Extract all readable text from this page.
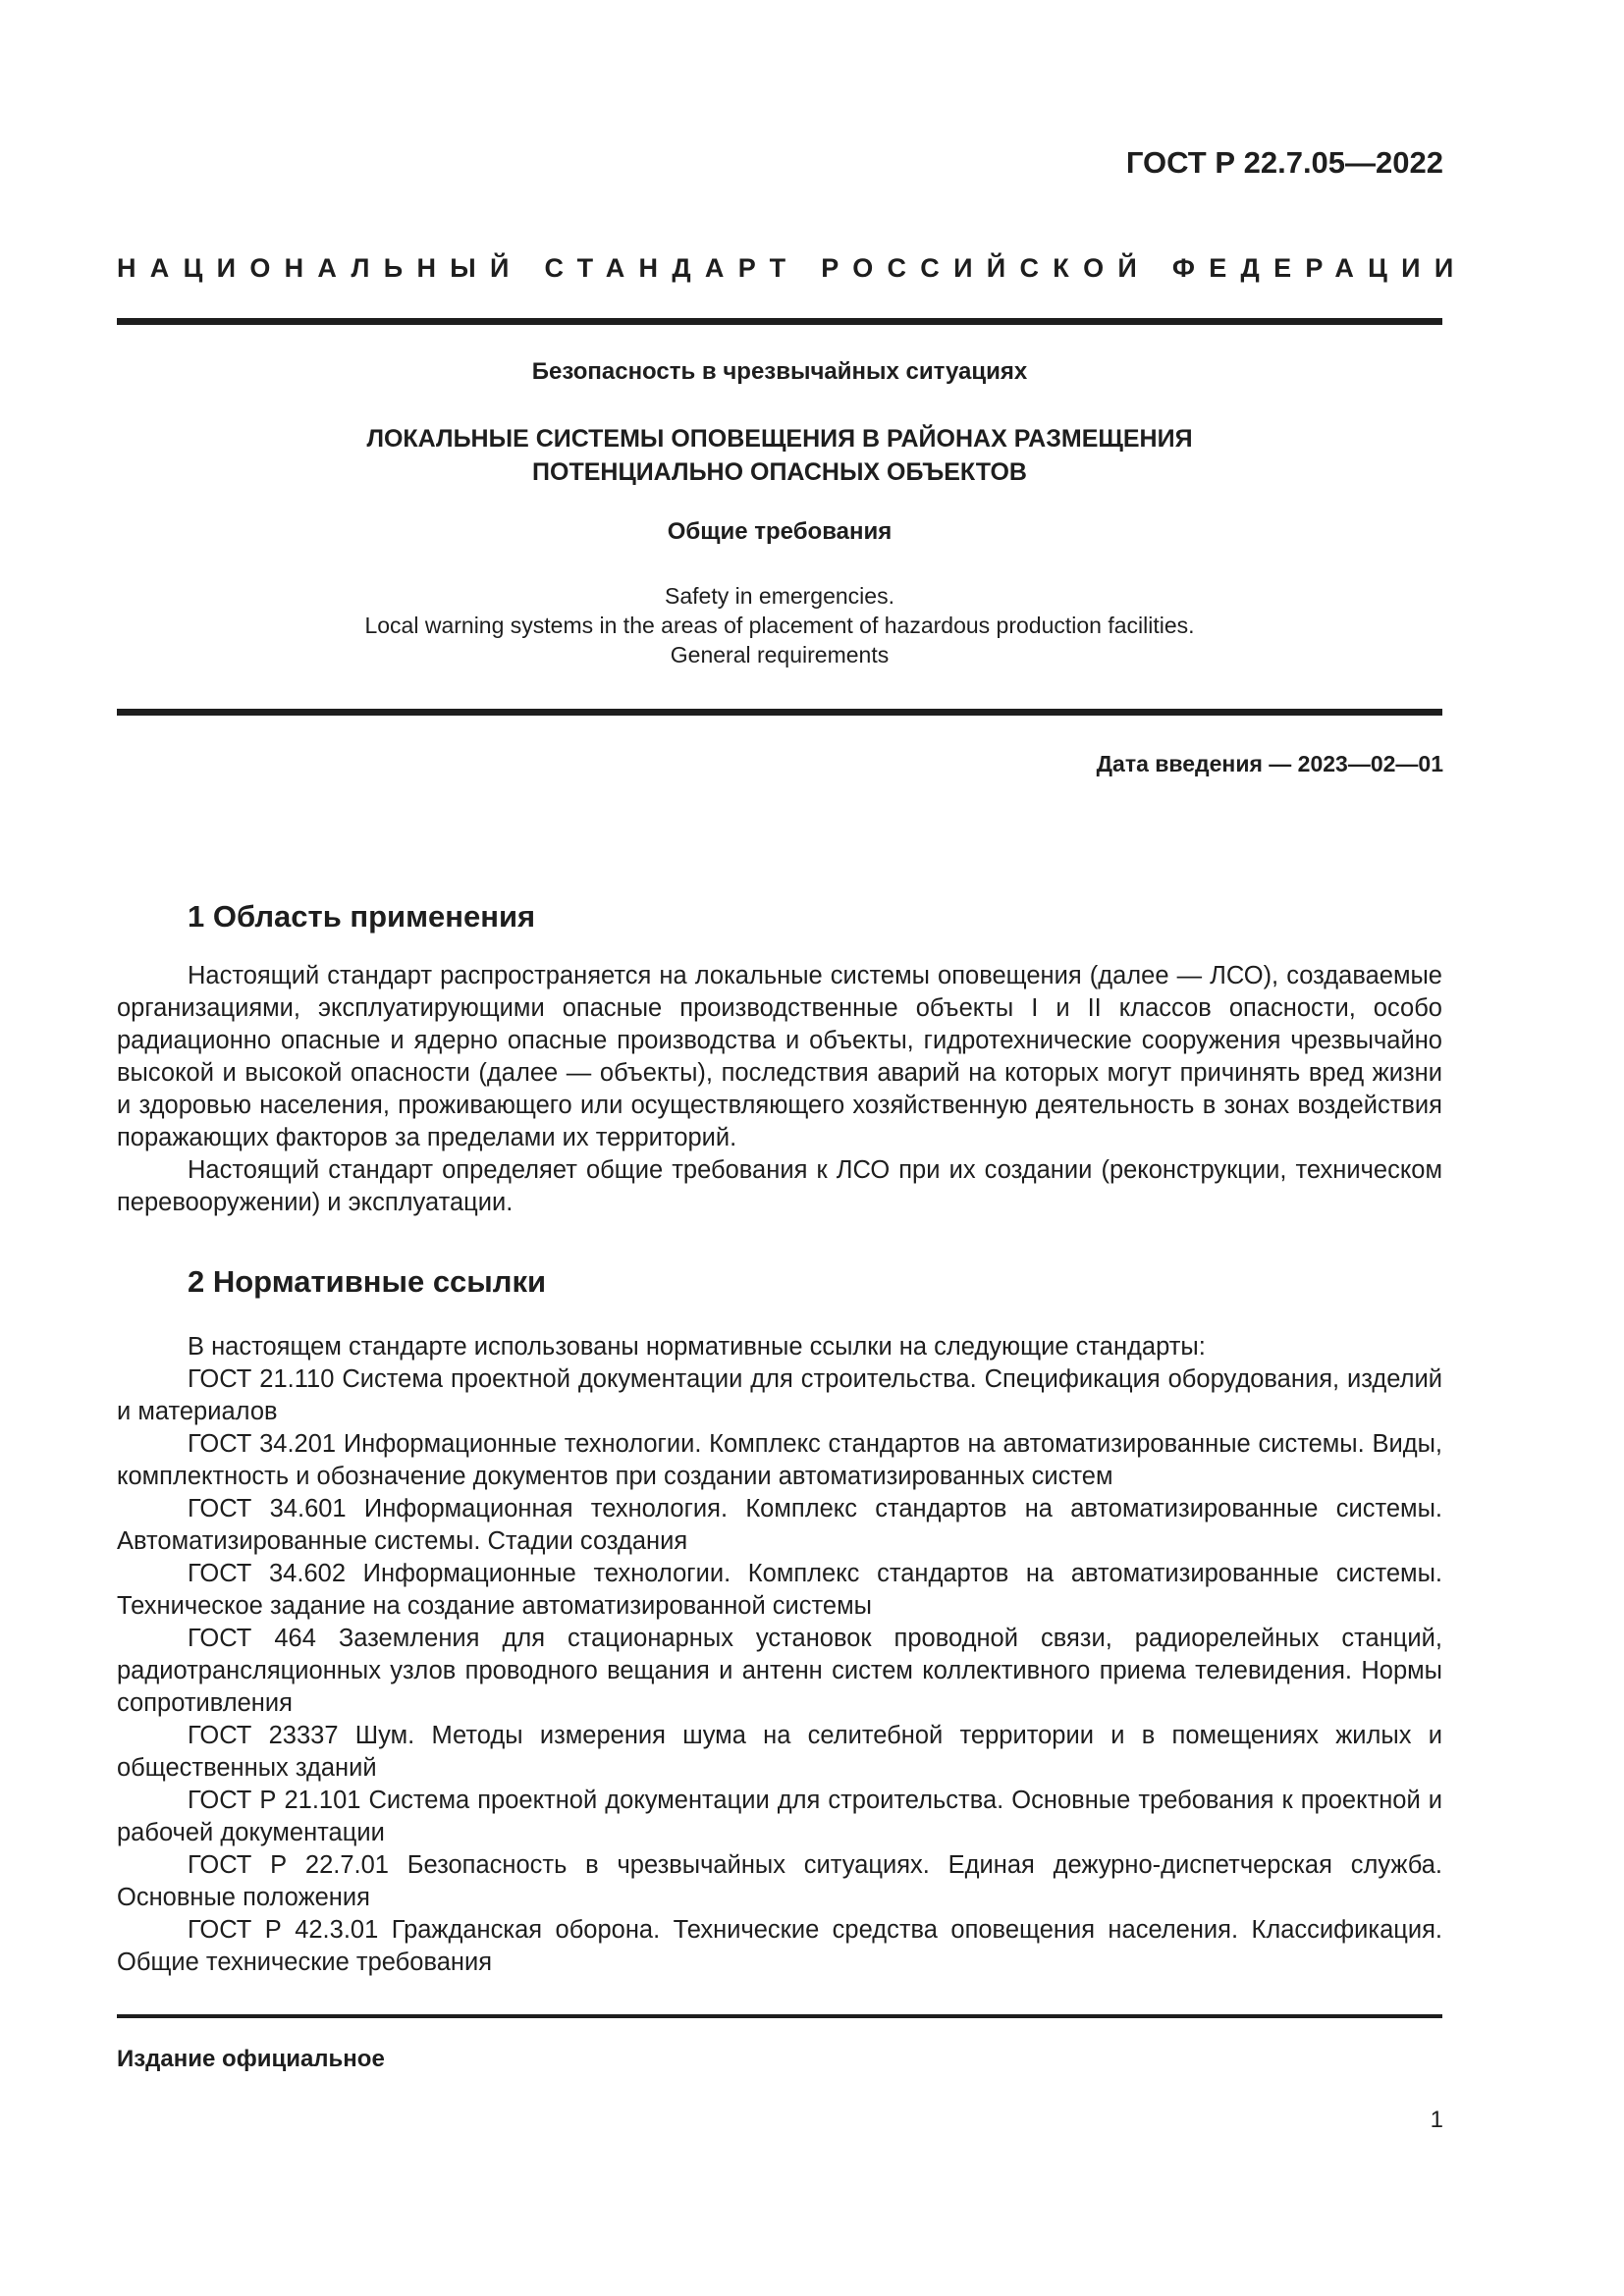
ГОСТ Р 22.7.05—2022
НАЦИОНАЛЬНЫЙ СТАНДАРТ РОССИЙСКОЙ ФЕДЕРАЦИИ
Безопасность в чрезвычайных ситуациях
ЛОКАЛЬНЫЕ СИСТЕМЫ ОПОВЕЩЕНИЯ В РАЙОНАХ РАЗМЕЩЕНИЯ
ПОТЕНЦИАЛЬНО ОПАСНЫХ ОБЪЕКТОВ
Общие требования
Safety in emergencies.
Local warning systems in the areas of placement of hazardous production facilities.
General requirements
Дата введения — 2023—02—01
1 Область применения

Настоящий стандарт распространяется на локальные системы оповещения (далее — ЛСО), создаваемые организациями, эксплуатирующими опасные производственные объекты I и II классов опасности, особо радиационно опасные и ядерно опасные производства и объекты, гидротехнические сооружения чрезвычайно высокой и высокой опасности (далее — объекты), последствия аварий на которых могут причинять вред жизни и здоровью населения, проживающего или осуществляющего хозяйственную деятельность в зонах воздействия поражающих факторов за пределами их территорий.

Настоящий стандарт определяет общие требования к ЛСО при их создании (реконструкции, техническом перевооружении) и эксплуатации.

2 Нормативные ссылки

В настоящем стандарте использованы нормативные ссылки на следующие стандарты:

ГОСТ 21.110 Система проектной документации для строительства. Спецификация оборудования, изделий и материалов

ГОСТ 34.201 Информационные технологии. Комплекс стандартов на автоматизированные системы. Виды, комплектность и обозначение документов при создании автоматизированных систем

ГОСТ 34.601 Информационная технология. Комплекс стандартов на автоматизированные системы. Автоматизированные системы. Стадии создания

ГОСТ 34.602 Информационные технологии. Комплекс стандартов на автоматизированные системы. Техническое задание на создание автоматизированной системы

ГОСТ 464 Заземления для стационарных установок проводной связи, радиорелейных станций, радиотрансляционных узлов проводного вещания и антенн систем коллективного приема телевидения. Нормы сопротивления

ГОСТ 23337 Шум. Методы измерения шума на селитебной территории и в помещениях жилых и общественных зданий

ГОСТ Р 21.101 Система проектной документации для строительства. Основные требования к проектной и рабочей документации

ГОСТ Р 22.7.01 Безопасность в чрезвычайных ситуациях. Единая дежурно-диспетчерская служба. Основные положения

ГОСТ Р 42.3.01 Гражданская оборона. Технические средства оповещения населения. Классификация. Общие технические требования

Издание официальное
1
